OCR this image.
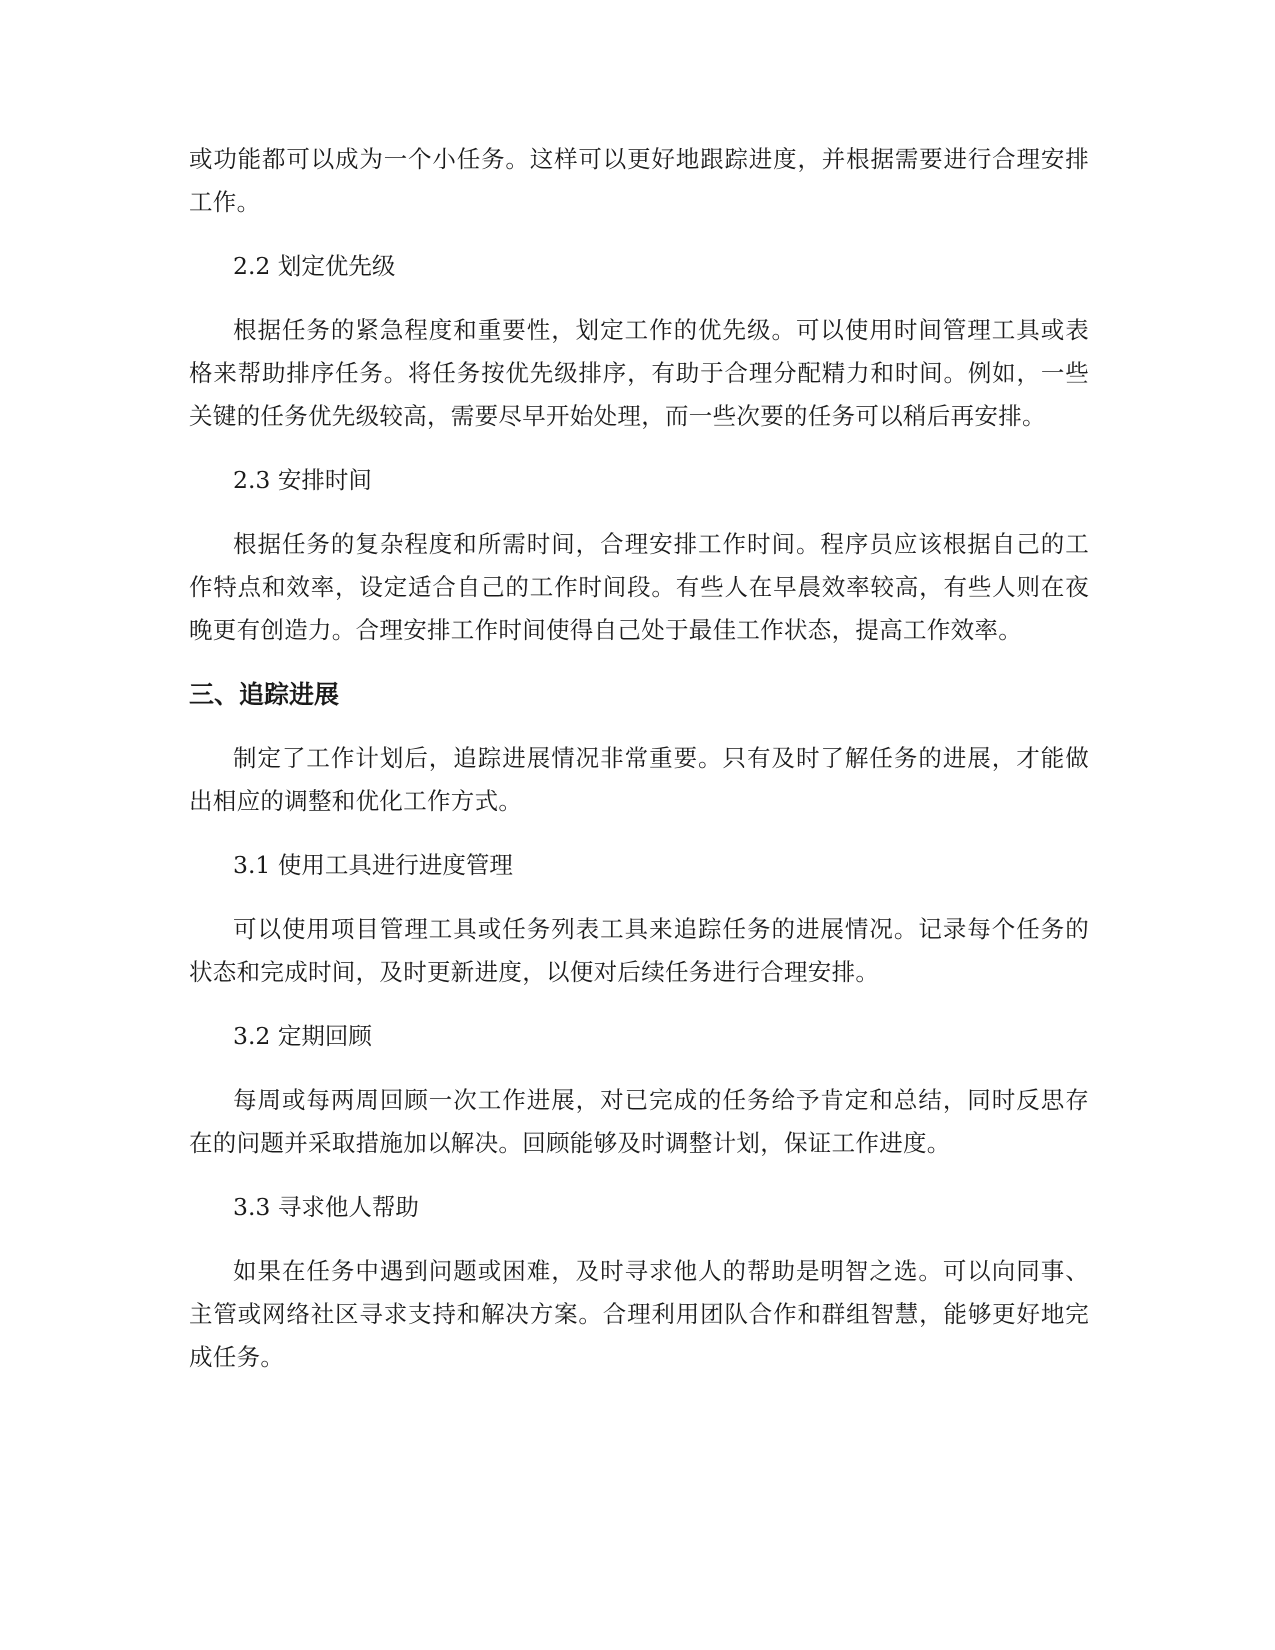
或功能都可以成为一个小任务。这样可以更好地跟踪进度，并根据需要进行合理安排工作。

2.2 划定优先级

根据任务的紧急程度和重要性，划定工作的优先级。可以使用时间管理工具或表格来帮助排序任务。将任务按优先级排序，有助于合理分配精力和时间。例如，一些关键的任务优先级较高，需要尽早开始处理，而一些次要的任务可以稍后再安排。

2.3 安排时间

根据任务的复杂程度和所需时间，合理安排工作时间。程序员应该根据自己的工作特点和效率，设定适合自己的工作时间段。有些人在早晨效率较高，有些人则在夜晚更有创造力。合理安排工作时间使得自己处于最佳工作状态，提高工作效率。

三、追踪进展

制定了工作计划后，追踪进展情况非常重要。只有及时了解任务的进展，才能做出相应的调整和优化工作方式。

3.1 使用工具进行进度管理

可以使用项目管理工具或任务列表工具来追踪任务的进展情况。记录每个任务的状态和完成时间，及时更新进度，以便对后续任务进行合理安排。

3.2 定期回顾

每周或每两周回顾一次工作进展，对已完成的任务给予肯定和总结，同时反思存在的问题并采取措施加以解决。回顾能够及时调整计划，保证工作进度。

3.3 寻求他人帮助

如果在任务中遇到问题或困难，及时寻求他人的帮助是明智之选。可以向同事、主管或网络社区寻求支持和解决方案。合理利用团队合作和群组智慧，能够更好地完成任务。
